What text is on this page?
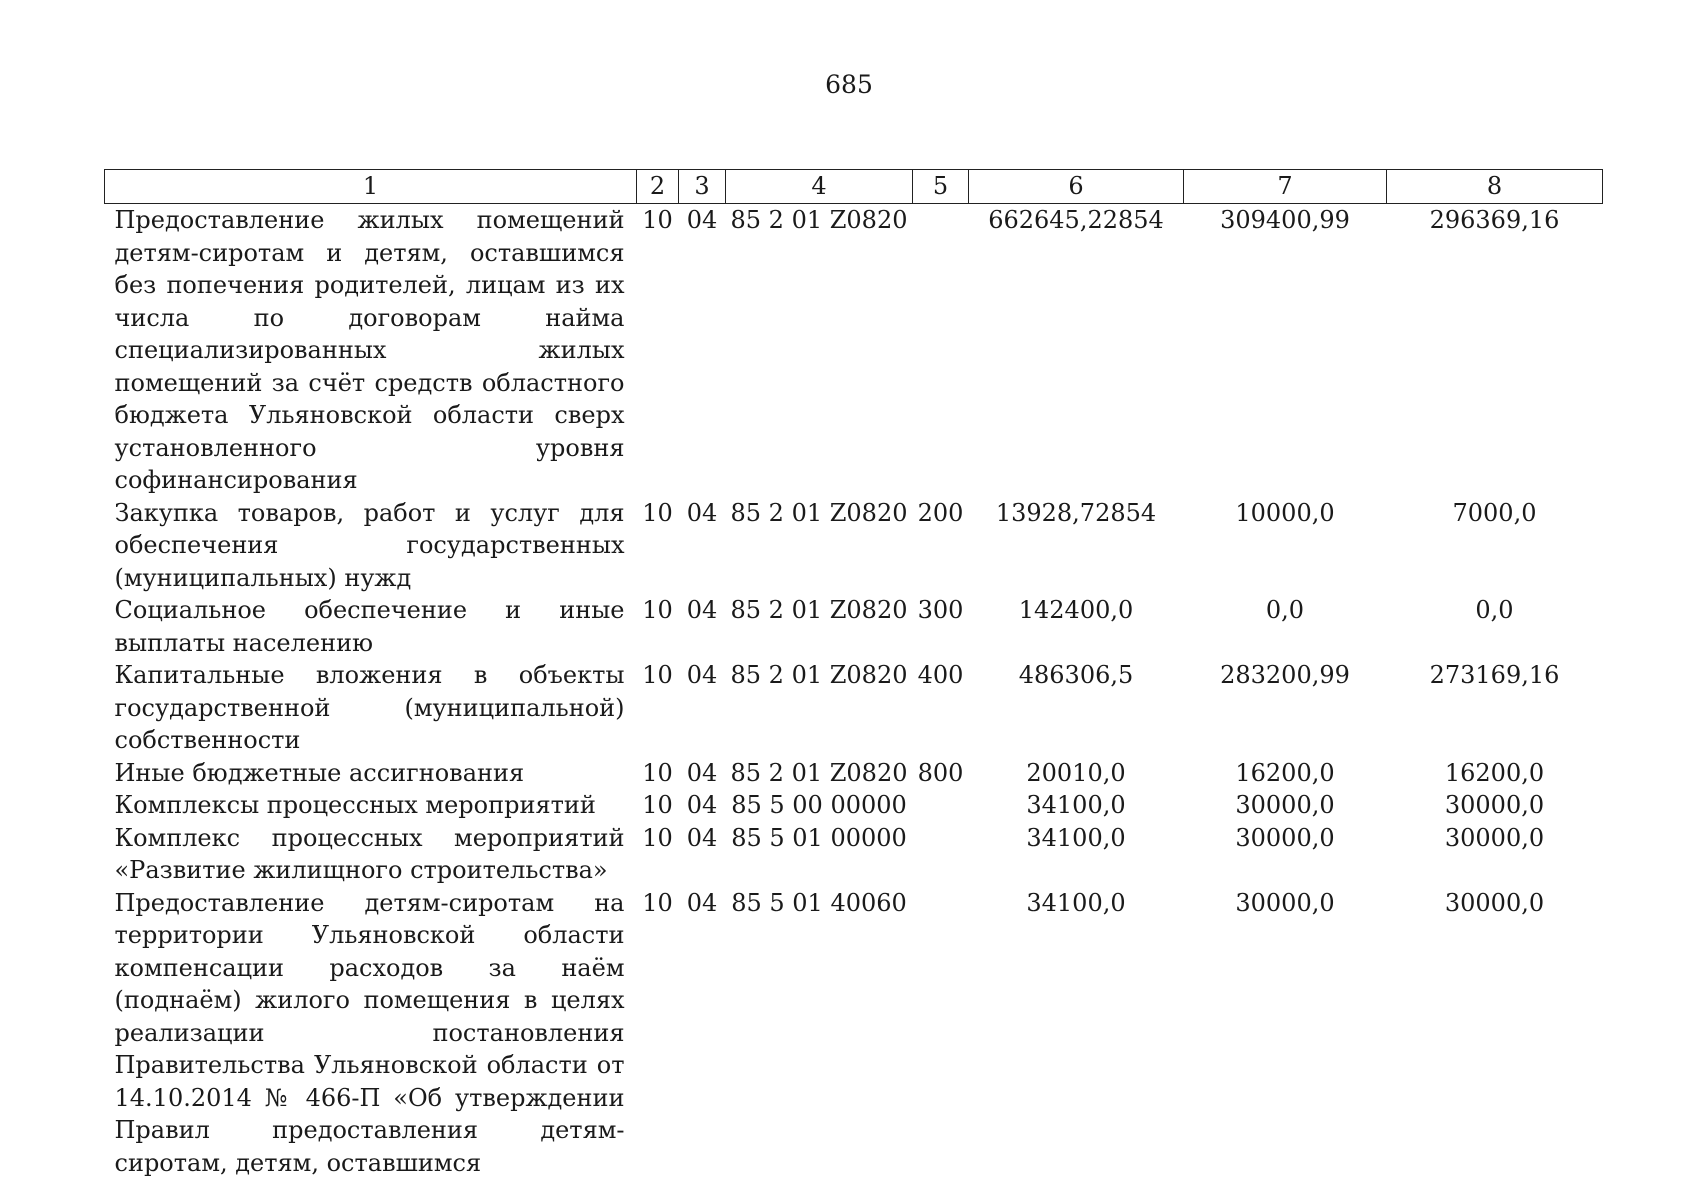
685
1	2	3	4	5	6	7	8
Предоставление жилых помещений детям-сиротам и детям, оставшимся без попечения родителей, лицам из их числа по договорам найма специализированных жилых помещений за счёт средств областного бюджета Ульяновской области сверх установленного уровня софинансирования	10	04	85 2 01 Z0820		662645,22854	309400,99	296369,16
Закупка товаров, работ и услуг для обеспечения государственных (муниципальных) нужд	10	04	85 2 01 Z0820	200	13928,72854	10000,0	7000,0
Социальное обеспечение и иные выплаты населению	10	04	85 2 01 Z0820	300	142400,0	0,0	0,0
Капитальные вложения в объекты государственной (муниципальной) собственности	10	04	85 2 01 Z0820	400	486306,5	283200,99	273169,16
Иные бюджетные ассигнования	10	04	85 2 01 Z0820	800	20010,0	16200,0	16200,0
Комплексы процессных мероприятий	10	04	85 5 00 00000		34100,0	30000,0	30000,0
Комплекс процессных мероприятий «Развитие жилищного строительства»	10	04	85 5 01 00000		34100,0	30000,0	30000,0
Предоставление детям-сиротам на территории Ульяновской области компенсации расходов за наём (поднаём) жилого помещения в целях реализации постановления Правительства Ульяновской области от 14.10.2014 № 466-П «Об утверждении Правил предоставления детям-сиротам, детям, оставшимся	10	04	85 5 01 40060		34100,0	30000,0	30000,0
